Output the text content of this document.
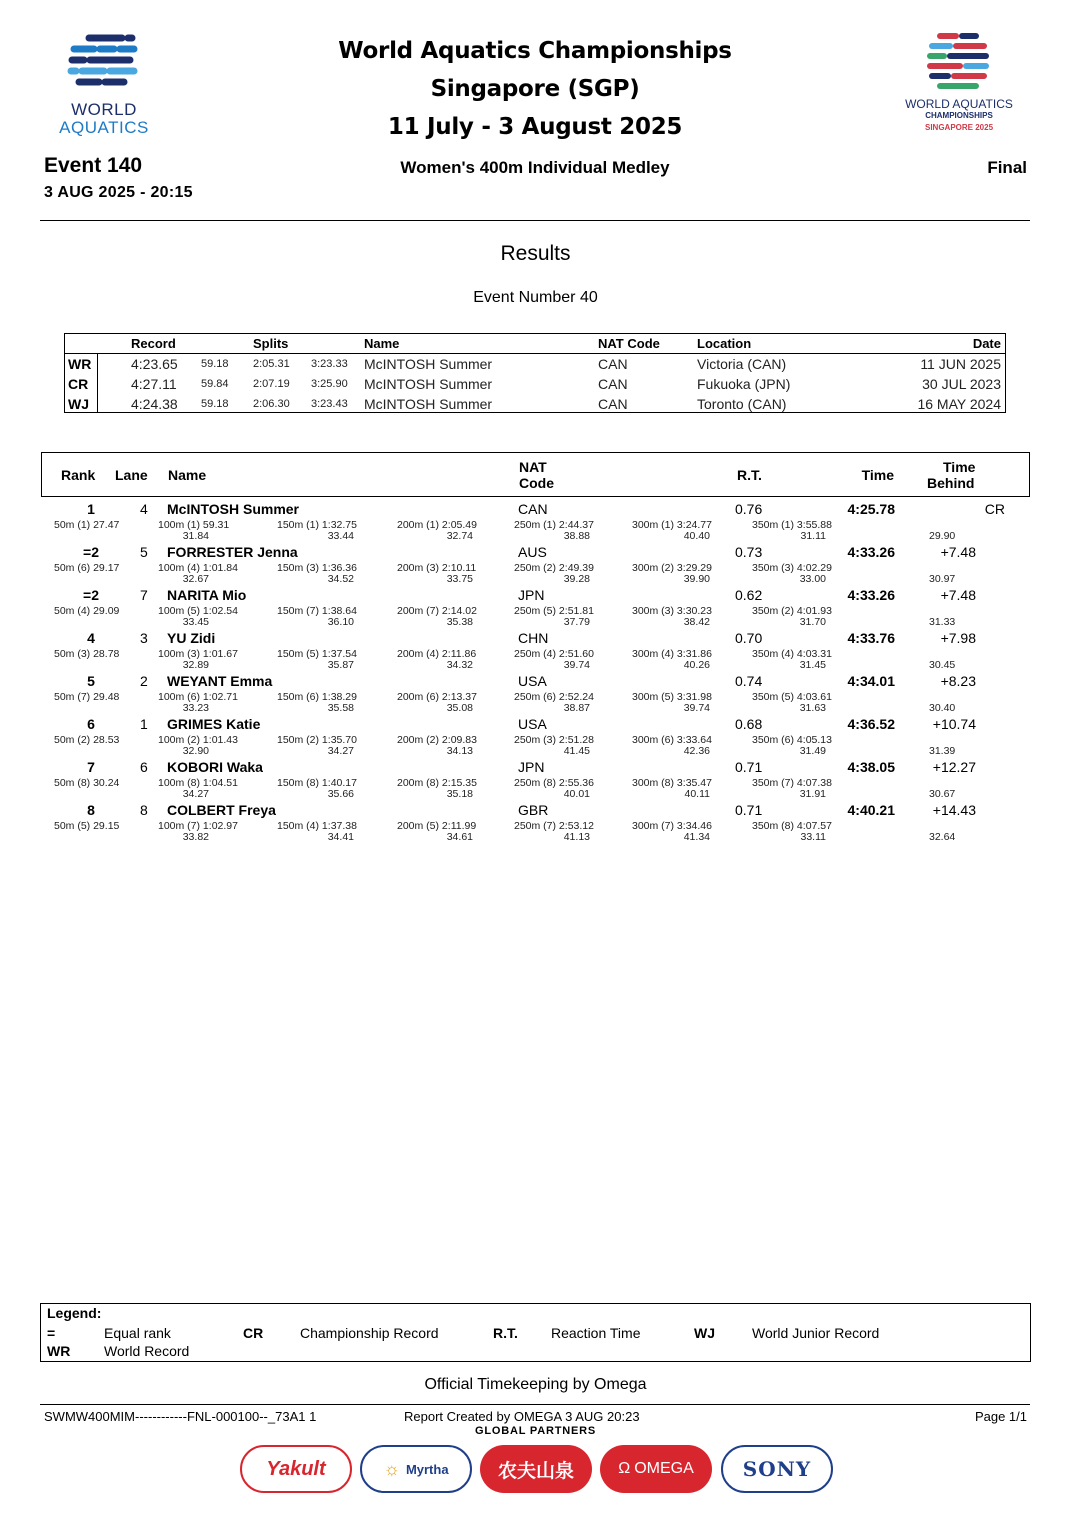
WORLD
AQUATICS
World Aquatics Championships
Singapore (SGP)
11 July - 3 August 2025
WORLD AQUATICS
CHAMPIONSHIPS
SINGAPORE 2025
Event 140
3 AUG 2025 - 20:15
Women's 400m Individual Medley	Final
Results
Event Number 40
Record	Splits	Name	NAT Code	Location	Date
WR	4:23.65 59.18 2:05.31 3:23.33 McINTOSH Summer	CAN	Victoria (CAN)	11 JUN 2025
CR	4:27.11 59.84 2:07.19 3:25.90 McINTOSH Summer	CAN	Fukuoka (JPN)	30 JUL 2023
WJ	4:24.38 59.18 2:06.30 3:23.43 McINTOSH Summer	CAN	Toronto (CAN)	16 MAY 2024
Rank Lane Name	NAT
Code	R.T.	Time	Time
Behind
1	4 McINTOSH Summer	CAN	0.76	4:25.78	CR
50m (1) 27.47	100m (1) 59.31	150m (1) 1:32.75	200m (1) 2:05.49	250m (1) 2:44.37	300m (1) 3:24.77	350m (1) 3:55.88
31.84	33.44	32.74	38.88	40.40	31.11	29.90
=2	5 FORRESTER Jenna	AUS	0.73	4:33.26	+7.48
50m (6) 29.17	100m (4) 1:01.84	150m (3) 1:36.36	200m (3) 2:10.11	250m (2) 2:49.39	300m (2) 3:29.29	350m (3) 4:02.29
32.67	34.52	33.75	39.28	39.90	33.00	30.97
=2	7 NARITA Mio	JPN	0.62	4:33.26	+7.48
50m (4) 29.09	100m (5) 1:02.54	150m (7) 1:38.64	200m (7) 2:14.02	250m (5) 2:51.81	300m (3) 3:30.23	350m (2) 4:01.93
33.45	36.10	35.38	37.79	38.42	31.70	31.33
4	3 YU Zidi	CHN	0.70	4:33.76	+7.98
50m (3) 28.78	100m (3) 1:01.67	150m (5) 1:37.54	200m (4) 2:11.86	250m (4) 2:51.60	300m (4) 3:31.86	350m (4) 4:03.31
32.89	35.87	34.32	39.74	40.26	31.45	30.45
5	2 WEYANT Emma	USA	0.74	4:34.01	+8.23
50m (7) 29.48	100m (6) 1:02.71	150m (6) 1:38.29	200m (6) 2:13.37	250m (6) 2:52.24	300m (5) 3:31.98	350m (5) 4:03.61
33.23	35.58	35.08	38.87	39.74	31.63	30.40
6	1 GRIMES Katie	USA	0.68	4:36.52	+10.74
50m (2) 28.53	100m (2) 1:01.43	150m (2) 1:35.70	200m (2) 2:09.83	250m (3) 2:51.28	300m (6) 3:33.64	350m (6) 4:05.13
32.90	34.27	34.13	41.45	42.36	31.49	31.39
7	6 KOBORI Waka	JPN	0.71	4:38.05	+12.27
50m (8) 30.24	100m (8) 1:04.51	150m (8) 1:40.17	200m (8) 2:15.35	250m (8) 2:55.36	300m (8) 3:35.47	350m (7) 4:07.38
34.27	35.66	35.18	40.01	40.11	31.91	30.67
8	8 COLBERT Freya	GBR	0.71	4:40.21	+14.43
50m (5) 29.15	100m (7) 1:02.97	150m (4) 1:37.38	200m (5) 2:11.99	250m (7) 2:53.12	300m (7) 3:34.46	350m (8) 4:07.57
33.82	34.41	34.61	41.13	41.34	33.11	32.64
Legend:
=	Equal rank	CR	Championship Record	R.T. Reaction Time	WJ	World Junior Record
WR World Record
Official Timekeeping by Omega
SWMW400MIM------------FNL-000100--_73A1 1	Report Created by OMEGA 3 AUG 20:23	Page 1/1
GLOBAL PARTNERS
Yakult	☼ Myrtha	农夫山泉	Ω OMEGA SONY
